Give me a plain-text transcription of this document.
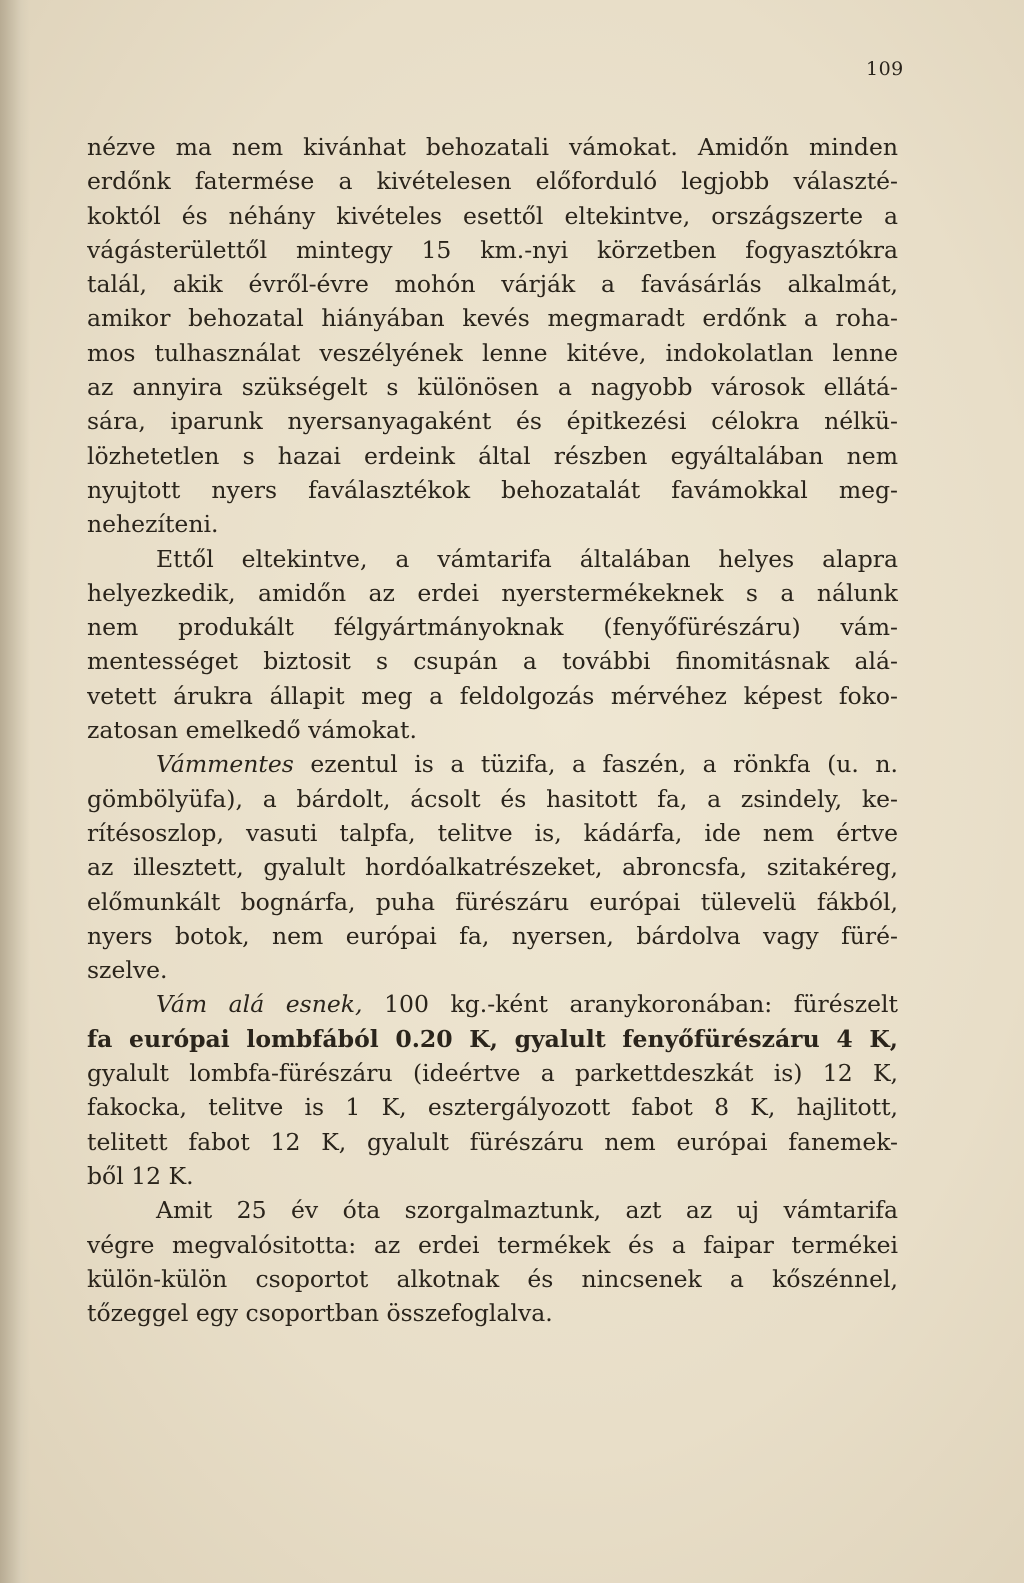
109
nézve ma nem kivánhat behozatali vámokat. Amidőn minden
erdőnk fatermése a kivételesen előforduló legjobb választé-
koktól és néhány kivételes esettől eltekintve, országszerte a
vágásterülettől mintegy 15 km.-nyi körzetben fogyasztókra
talál, akik évről-évre mohón várják a favásárlás alkalmát,
amikor behozatal hiányában kevés megmaradt erdőnk a roha-
mos tulhasználat veszélyének lenne kitéve, indokolatlan lenne
az annyira szükségelt s különösen a nagyobb városok ellátá-
sára, iparunk nyersanyagaként és épitkezési célokra nélkü-
lözhetetlen s hazai erdeink által részben egyáltalában nem
nyujtott nyers faválasztékok behozatalát favámokkal meg-
nehezíteni.
Ettől eltekintve, a vámtarifa általában helyes alapra
helyezkedik, amidőn az erdei nyerstermékeknek s a nálunk
nem produkált félgyártmányoknak (fenyőfürészáru) vám-
mentességet biztosit s csupán a további finomitásnak alá-
vetett árukra állapit meg a feldolgozás mérvéhez képest foko-
zatosan emelkedő vámokat.
Vámmentes ezentul is a tüzifa, a faszén, a rönkfa (u. n.
gömbölyüfa), a bárdolt, ácsolt és hasitott fa, a zsindely, ke-
rítésoszlop, vasuti talpfa, telitve is, kádárfa, ide nem értve
az illesztett, gyalult hordóalkatrészeket, abroncsfa, szitakéreg,
előmunkált bognárfa, puha fürészáru európai tülevelü fákból,
nyers botok, nem európai fa, nyersen, bárdolva vagy füré-
szelve.
Vám alá esnek, 100 kg.-ként aranykoronában: fürészelt
fa európai lombfából 0.20 K, gyalult fenyőfürészáru 4 K,
gyalult lombfa-fürészáru (ideértve a parkettdeszkát is) 12 K,
fakocka, telitve is 1 K, esztergályozott fabot 8 K, hajlitott,
telitett fabot 12 K, gyalult fürészáru nem európai fanemek-
ből 12 K.
Amit 25 év óta szorgalmaztunk, azt az uj vámtarifa
végre megvalósitotta: az erdei termékek és a faipar termékei
külön-külön csoportot alkotnak és nincsenek a kőszénnel,
tőzeggel egy csoportban összefoglalva.
